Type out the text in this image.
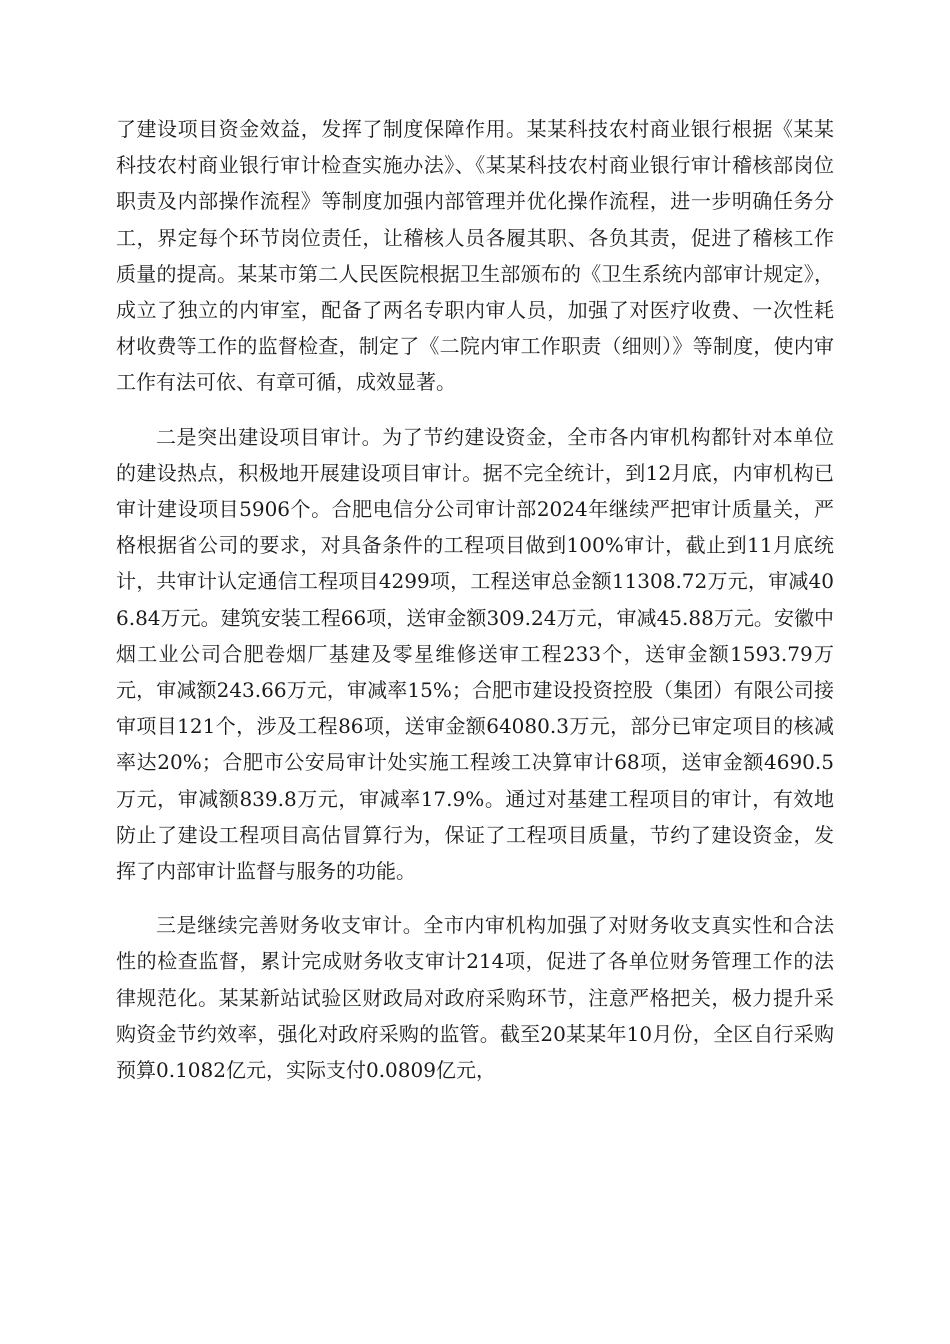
了建设项目资金效益，发挥了制度保障作用。某某科技农村商业银行根据《某某科技农村商业银行审计检查实施办法》、《某某科技农村商业银行审计稽核部岗位职责及内部操作流程》等制度加强内部管理并优化操作流程，进一步明确任务分工，界定每个环节岗位责任，让稽核人员各履其职、各负其责，促进了稽核工作质量的提高。某某市第二人民医院根据卫生部颁布的《卫生系统内部审计规定》，成立了独立的内审室，配备了两名专职内审人员，加强了对医疗收费、一次性耗材收费等工作的监督检查，制定了《二院内审工作职责（细则）》等制度，使内审工作有法可依、有章可循，成效显著。

二是突出建设项目审计。为了节约建设资金，全市各内审机构都针对本单位的建设热点，积极地开展建设项目审计。据不完全统计，到12月底，内审机构已审计建设项目5906个。合肥电信分公司审计部2024年继续严把审计质量关，严格根据省公司的要求，对具备条件的工程项目做到100%审计，截止到11月底统计，共审计认定通信工程项目4299项，工程送审总金额11308.72万元，审减406.84万元。建筑安装工程66项，送审金额309.24万元，审减45.88万元。安徽中烟工业公司合肥卷烟厂基建及零星维修送审工程233个，送审金额1593.79万元，审减额243.66万元，审减率15%；合肥市建设投资控股（集团）有限公司接审项目121个，涉及工程86项，送审金额64080.3万元，部分已审定项目的核减率达20%；合肥市公安局审计处实施工程竣工决算审计68项，送审金额4690.5万元，审减额839.8万元，审减率17.9%。通过对基建工程项目的审计，有效地防止了建设工程项目高估冒算行为，保证了工程项目质量，节约了建设资金，发挥了内部审计监督与服务的功能。

三是继续完善财务收支审计。全市内审机构加强了对财务收支真实性和合法性的检查监督，累计完成财务收支审计214项，促进了各单位财务管理工作的法律规范化。某某新站试验区财政局对政府采购环节，注意严格把关，极力提升采购资金节约效率，强化对政府采购的监管。截至20某某年10月份，全区自行采购预算0.1082亿元，实际支付0.0809亿元，
